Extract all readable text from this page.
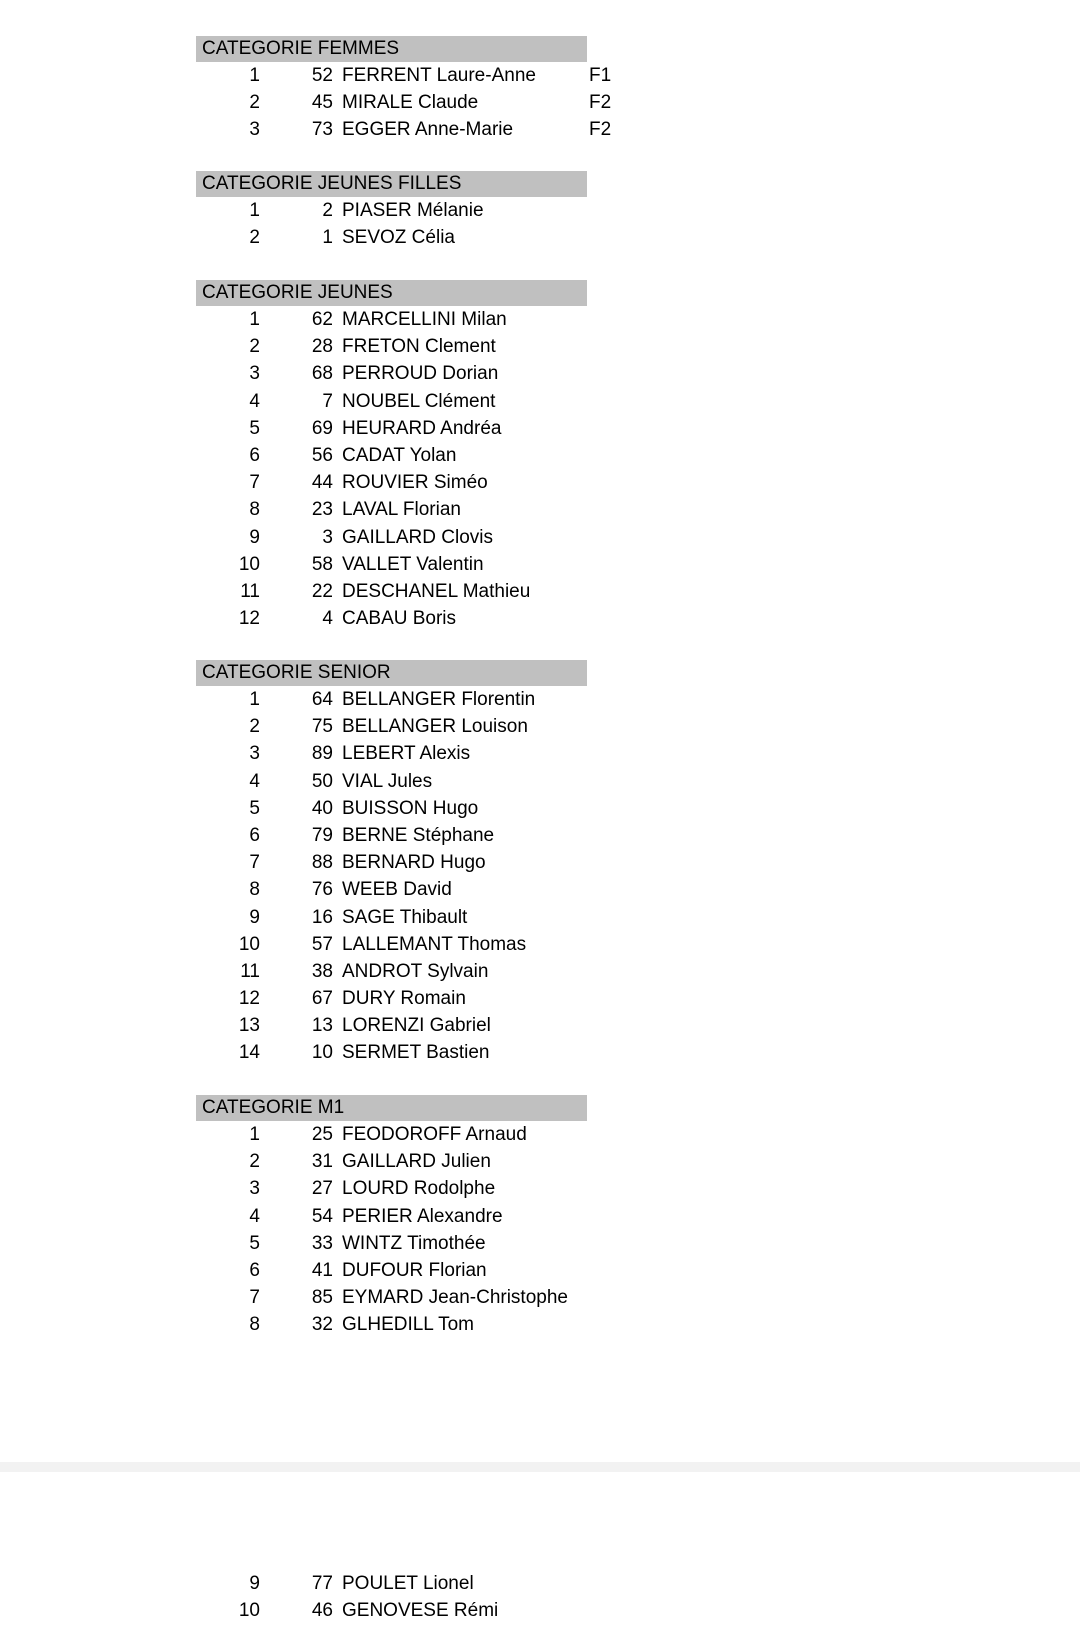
CATEGORIE FEMMES
1	52 FERRENT Laure-Anne	F1
2	45 MIRALE Claude	F2
3	73 EGGER Anne-Marie	F2
CATEGORIE JEUNES FILLES
1	2 PIASER Mélanie
2	1 SEVOZ Célia
CATEGORIE JEUNES
1	62 MARCELLINI Milan
2	28 FRETON Clement
3	68 PERROUD Dorian
4	7 NOUBEL Clément
5	69 HEURARD Andréa
6	56 CADAT Yolan
7	44 ROUVIER Siméo
8	23 LAVAL Florian
9	3 GAILLARD Clovis
10	58 VALLET Valentin
11	22 DESCHANEL Mathieu
12	4 CABAU Boris
CATEGORIE SENIOR
1	64 BELLANGER Florentin
2	75 BELLANGER Louison
3	89 LEBERT Alexis
4	50 VIAL Jules
5	40 BUISSON Hugo
6	79 BERNE Stéphane
7	88 BERNARD Hugo
8	76 WEEB David
9	16 SAGE Thibault
10	57 LALLEMANT Thomas
11	38 ANDROT Sylvain
12	67 DURY Romain
13	13 LORENZI Gabriel
14	10 SERMET Bastien
CATEGORIE M1
1	25 FEODOROFF Arnaud
2	31 GAILLARD Julien
3	27 LOURD Rodolphe
4	54 PERIER Alexandre
5	33 WINTZ Timothée
6	41 DUFOUR Florian
7	85 EYMARD Jean-Christophe
8	32 GLHEDILL Tom
9	77 POULET Lionel
10	46 GENOVESE Rémi
